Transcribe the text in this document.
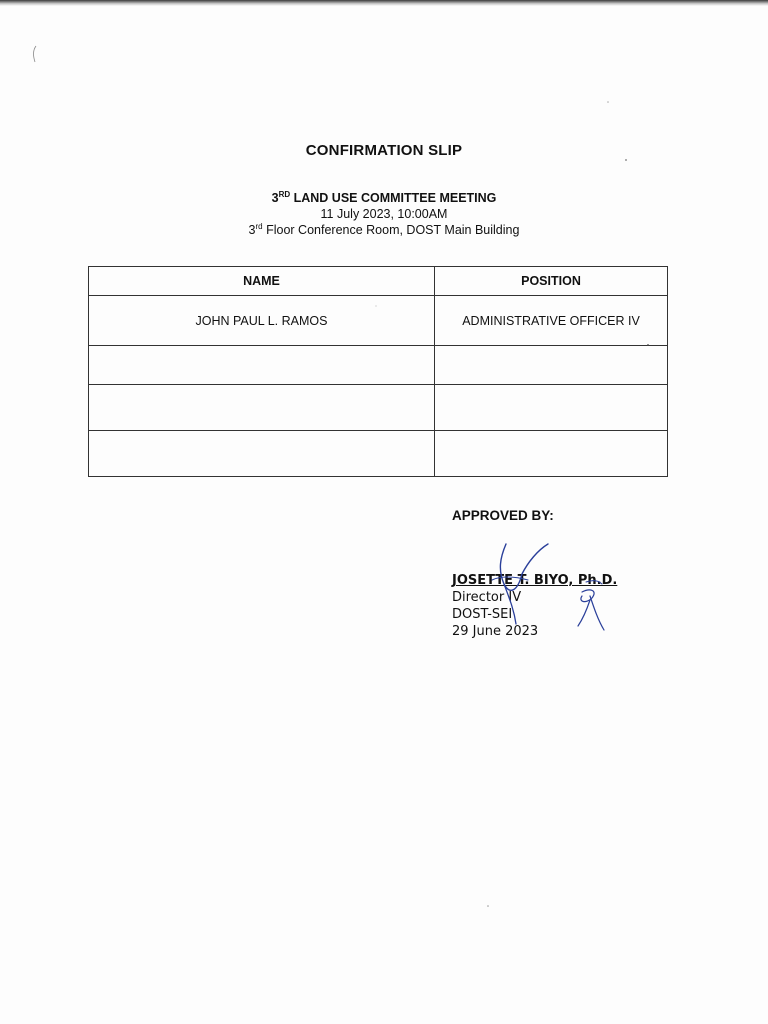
CONFIRMATION SLIP
3RD LAND USE COMMITTEE MEETING
11 July 2023, 10:00AM
3rd Floor Conference Room, DOST Main Building
NAME	POSITION
JOHN PAUL L. RAMOS	ADMINISTRATIVE OFFICER IV

APPROVED BY:
JOSETTE T. BIYO, Ph.D.
Director IV
DOST-SEI
29 June 2023
